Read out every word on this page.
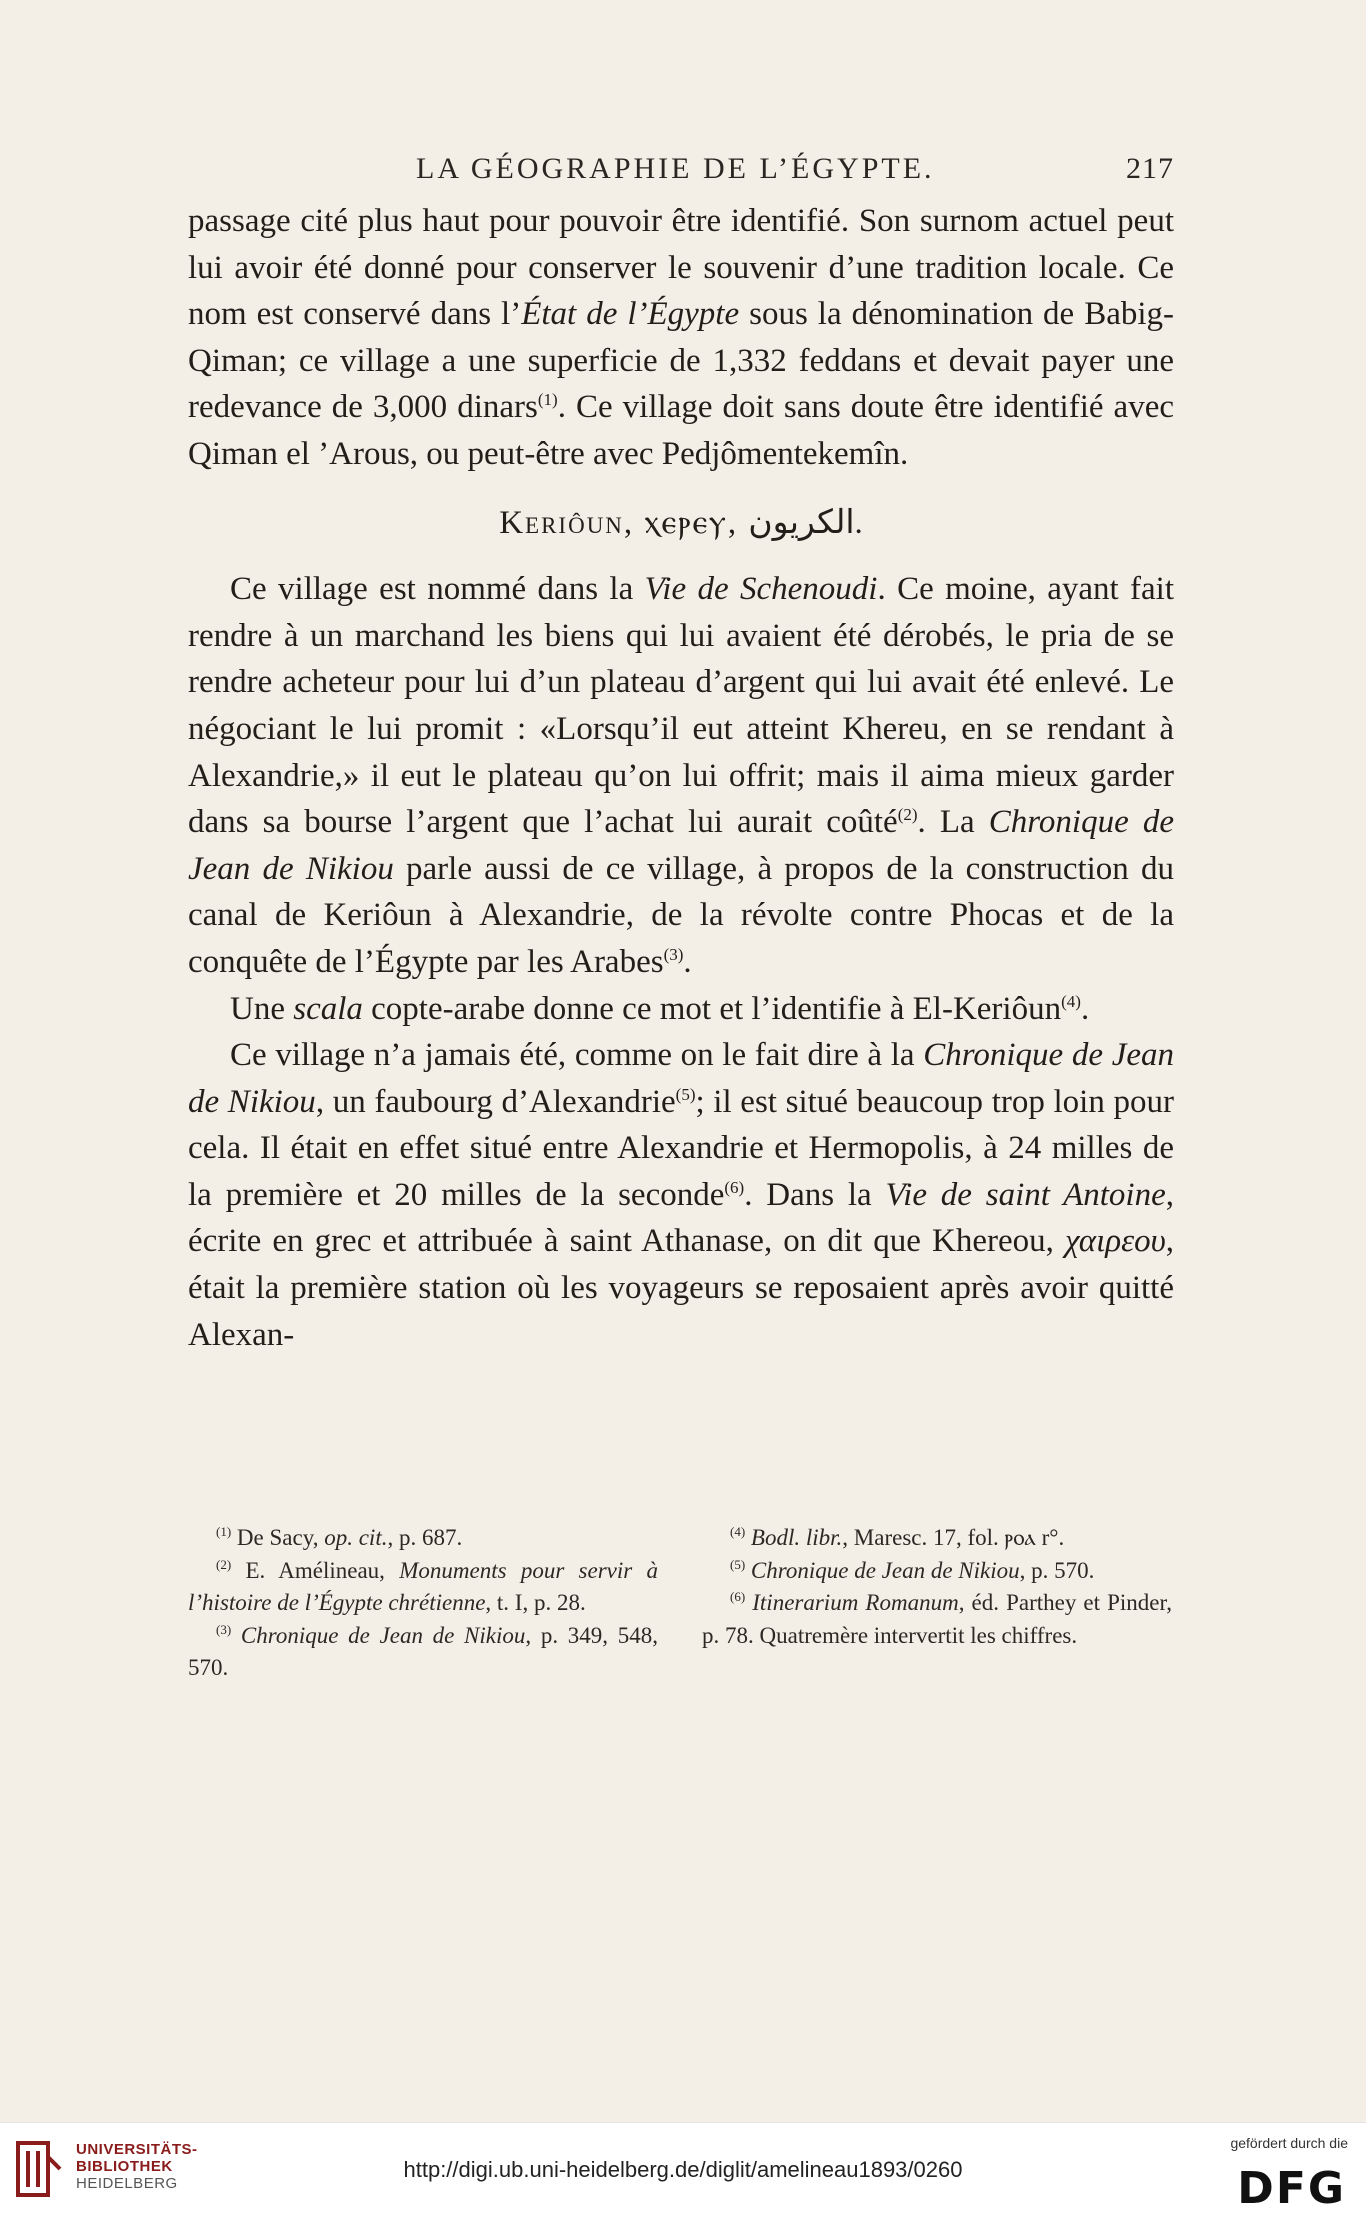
LA GÉOGRAPHIE DE L’ÉGYPTE.	217

passage cité plus haut pour pouvoir être identifié. Son surnom actuel peut lui avoir été donné pour conserver le souvenir d’une tradition locale. Ce nom est conservé dans l’État de l’Égypte sous la dénomination de Babig-Qiman; ce village a une superficie de 1,332 feddans et devait payer une redevance de 3,000 dinars$^{(1)}$. Ce village doit sans doute être identifié avec Qiman el ’Arous, ou peut-être avec Pedjômentekemîn.

Keriôun, ⲭⲉⲣⲉⲩ, الكريون.

Ce village est nommé dans la Vie de Schenoudi. Ce moine, ayant fait rendre à un marchand les biens qui lui avaient été dérobés, le pria de se rendre acheteur pour lui d’un plateau d’argent qui lui avait été enlevé. Le négociant le lui promit : «Lorsqu’il eut atteint Khereu, en se rendant à Alexandrie,» il eut le plateau qu’on lui offrit; mais il aima mieux garder dans sa bourse l’argent que l’achat lui aurait coûté$^{(2)}$. La Chronique de Jean de Nikiou parle aussi de ce village, à propos de la construction du canal de Keriôun à Alexandrie, de la révolte contre Phocas et de la conquête de l’Égypte par les Arabes$^{(3)}$.

Une scala copte-arabe donne ce mot et l’identifie à El-Keriôun$^{(4)}$.

Ce village n’a jamais été, comme on le fait dire à la Chronique de Jean de Nikiou, un faubourg d’Alexandrie$^{(5)}$; il est situé beaucoup trop loin pour cela. Il était en effet situé entre Alexandrie et Hermopolis, à 24 milles de la première et 20 milles de la seconde$^{(6)}$. Dans la Vie de saint Antoine, écrite en grec et attribuée à saint Athanase, on dit que Khereou, χαιρεου, était la première station où les voyageurs se reposaient après avoir quitté Alexan-

$^{(1)}$ De Sacy, op. cit., p. 687.

$^{(2)}$ E. Amélineau, Monuments pour servir à l’histoire de l’Égypte chrétienne, t. I, p. 28.

$^{(3)}$ Chronique de Jean de Nikiou, p. 349, 548, 570.

$^{(4)}$ Bodl. libr., Maresc. 17, fol. ⲣⲟⲁ r°.

$^{(5)}$ Chronique de Jean de Nikiou, p. 570.

$^{(6)}$ Itinerarium Romanum, éd. Parthey et Pinder, p. 78. Quatremère intervertit les chiffres.

UNIVERSITÄTS-
BIBLIOTHEK
HEIDELBERG
http://digi.ub.uni-heidelberg.de/diglit/amelineau1893/0260
gefördert durch die
DFG
